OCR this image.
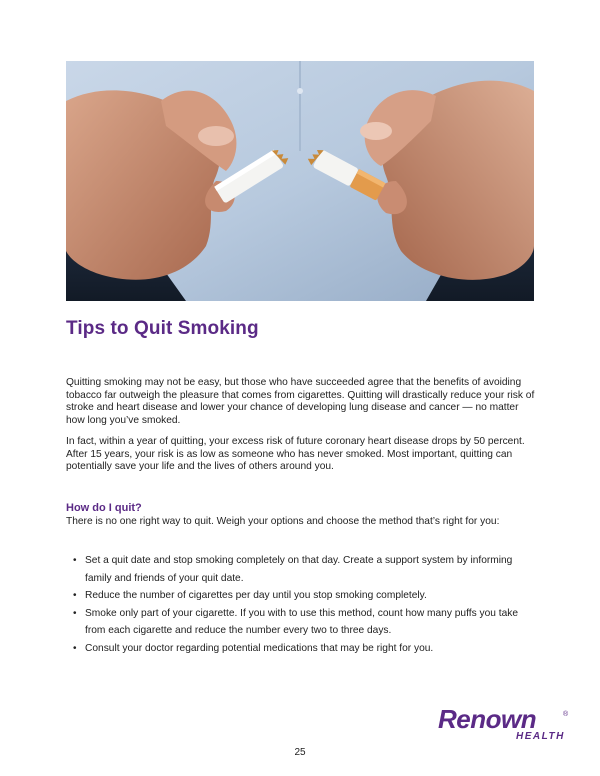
Tips to Quit Smoking

Quitting smoking may not be easy, but those who have succeeded agree that the benefits of avoiding tobacco far outweigh the pleasure that comes from cigarettes. Quitting will drastically reduce your risk of stroke and heart disease and lower your chance of developing lung disease and cancer — no matter how long you’ve smoked.

In fact, within a year of quitting, your excess risk of future coronary heart disease drops by 50 percent. After 15 years, your risk is as low as someone who has never smoked. Most important, quitting can potentially save your life and the lives of others around you.

How do I quit?

There is no one right way to quit. Weigh your options and choose the method that’s right for you:

• Set a quit date and stop smoking completely on that day. Create a support system by informing family and friends of your quit date.
• Reduce the number of cigarettes per day until you stop smoking completely.
• Smoke only part of your cigarette. If you with to use this method, count how many puffs you take from each cigarette and reduce the number every two to three days.
• Consult your doctor regarding potential medications that may be right for you.
Renown	®
HEALTH
25
